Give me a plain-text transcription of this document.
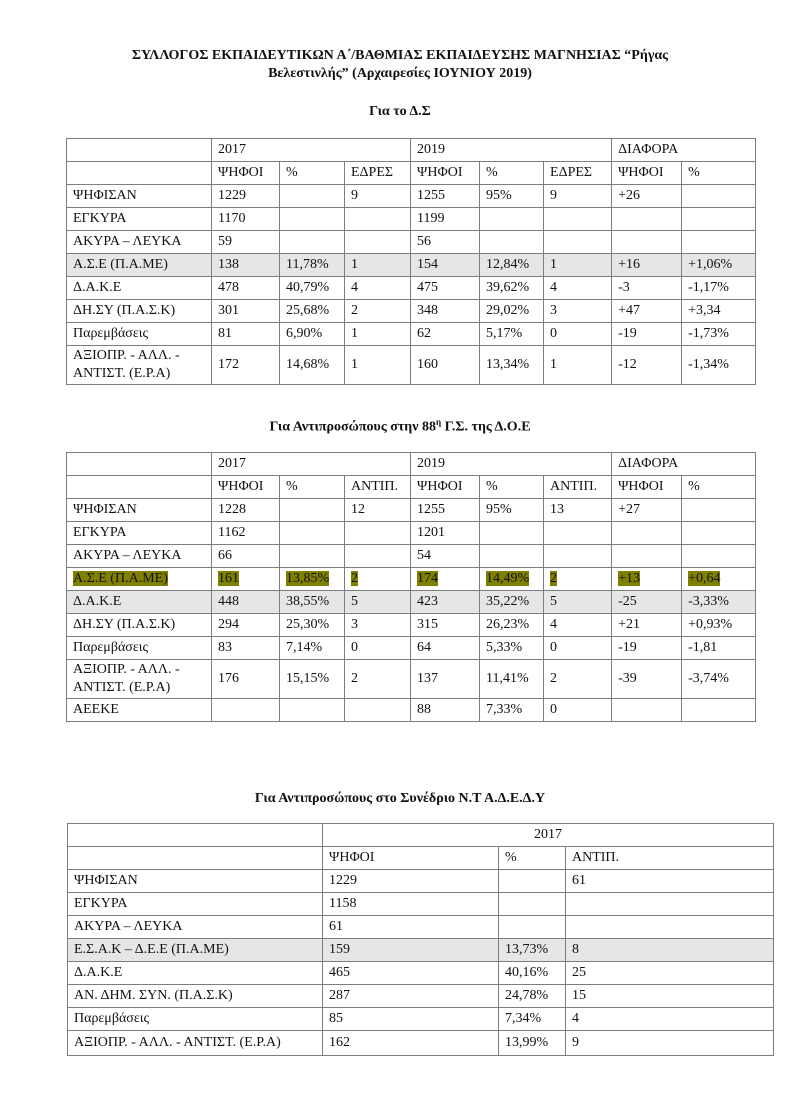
ΣΥΛΛΟΓΟΣ ΕΚΠΑΙΔΕΥΤΙΚΩΝ Α΄/ΒΑΘΜΙΑΣ ΕΚΠΑΙΔΕΥΣΗΣ ΜΑΓΝΗΣΙΑΣ “Ρήγας
Βελεστινλής” (Αρχαιρεσίες ΙΟΥΝΙΟΥ 2019)
Για το Δ.Σ
	2017			2019			ΔΙΑΦΟΡΑ	
	ΨΗΦΟΙ	%	ΕΔΡΕΣ	ΨΗΦΟΙ	%	ΕΔΡΕΣ	ΨΗΦΟΙ	%
ΨΗΦΙΣΑΝ	1229		9	1255	95%	9	+26	
ΕΓΚΥΡΑ	1170			1199				
ΑΚΥΡΑ – ΛΕΥΚΑ	59			56				
Α.Σ.Ε (Π.Α.ΜΕ)	138	11,78%	1	154	12,84%	1	+16	+1,06%
Δ.Α.Κ.Ε	478	40,79%	4	475	39,62%	4	-3	-1,17%
ΔΗ.ΣΥ (Π.Α.Σ.Κ)	301	25,68%	2	348	29,02%	3	+47	+3,34
Παρεμβάσεις	81	6,90%	1	62	5,17%	0	-19	-1,73%
ΑΞΙΟΠΡ. - ΑΛΛ. - ΑΝΤΙΣΤ. (Ε.Ρ.Α)	172	14,68%	1	160	13,34%	1	-12	-1,34%
Για Αντιπροσώπους στην $88^\eta$ Γ.Σ. της Δ.Ο.Ε
	2017			2019			ΔΙΑΦΟΡΑ	
	ΨΗΦΟΙ	%	ΑΝΤΙΠ.	ΨΗΦΟΙ	%	ΑΝΤΙΠ.	ΨΗΦΟΙ	%
ΨΗΦΙΣΑΝ	1228		12	1255	95%	13	+27	
ΕΓΚΥΡΑ	1162			1201				
ΑΚΥΡΑ – ΛΕΥΚΑ	66			54				
Α.Σ.Ε (Π.Α.ΜΕ)	161	13,85%	2	174	14,49%	2	+13	+0,64
Δ.Α.Κ.Ε	448	38,55%	5	423	35,22%	5	-25	-3,33%
ΔΗ.ΣΥ (Π.Α.Σ.Κ)	294	25,30%	3	315	26,23%	4	+21	+0,93%
Παρεμβάσεις	83	7,14%	0	64	5,33%	0	-19	-1,81
ΑΞΙΟΠΡ. - ΑΛΛ. - ΑΝΤΙΣΤ. (Ε.Ρ.Α)	176	15,15%	2	137	11,41%	2	-39	-3,74%
ΑΕΕΚΕ				88	7,33%	0		
Για Αντιπροσώπους στο Συνέδριο Ν.Τ Α.Δ.Ε.Δ.Υ
	2017		
	ΨΗΦΟΙ	%	ΑΝΤΙΠ.
ΨΗΦΙΣΑΝ	1229		61
ΕΓΚΥΡΑ	1158		
ΑΚΥΡΑ – ΛΕΥΚΑ	61		
Ε.Σ.Α.Κ – Δ.Ε.Ε (Π.Α.ΜΕ)	159	13,73%	8
Δ.Α.Κ.Ε	465	40,16%	25
ΑΝ. ΔΗΜ. ΣΥΝ. (Π.Α.Σ.Κ)	287	24,78%	15
Παρεμβάσεις	85	7,34%	4
ΑΞΙΟΠΡ. - ΑΛΛ. - ΑΝΤΙΣΤ. (Ε.Ρ.Α)	162	13,99%	9
